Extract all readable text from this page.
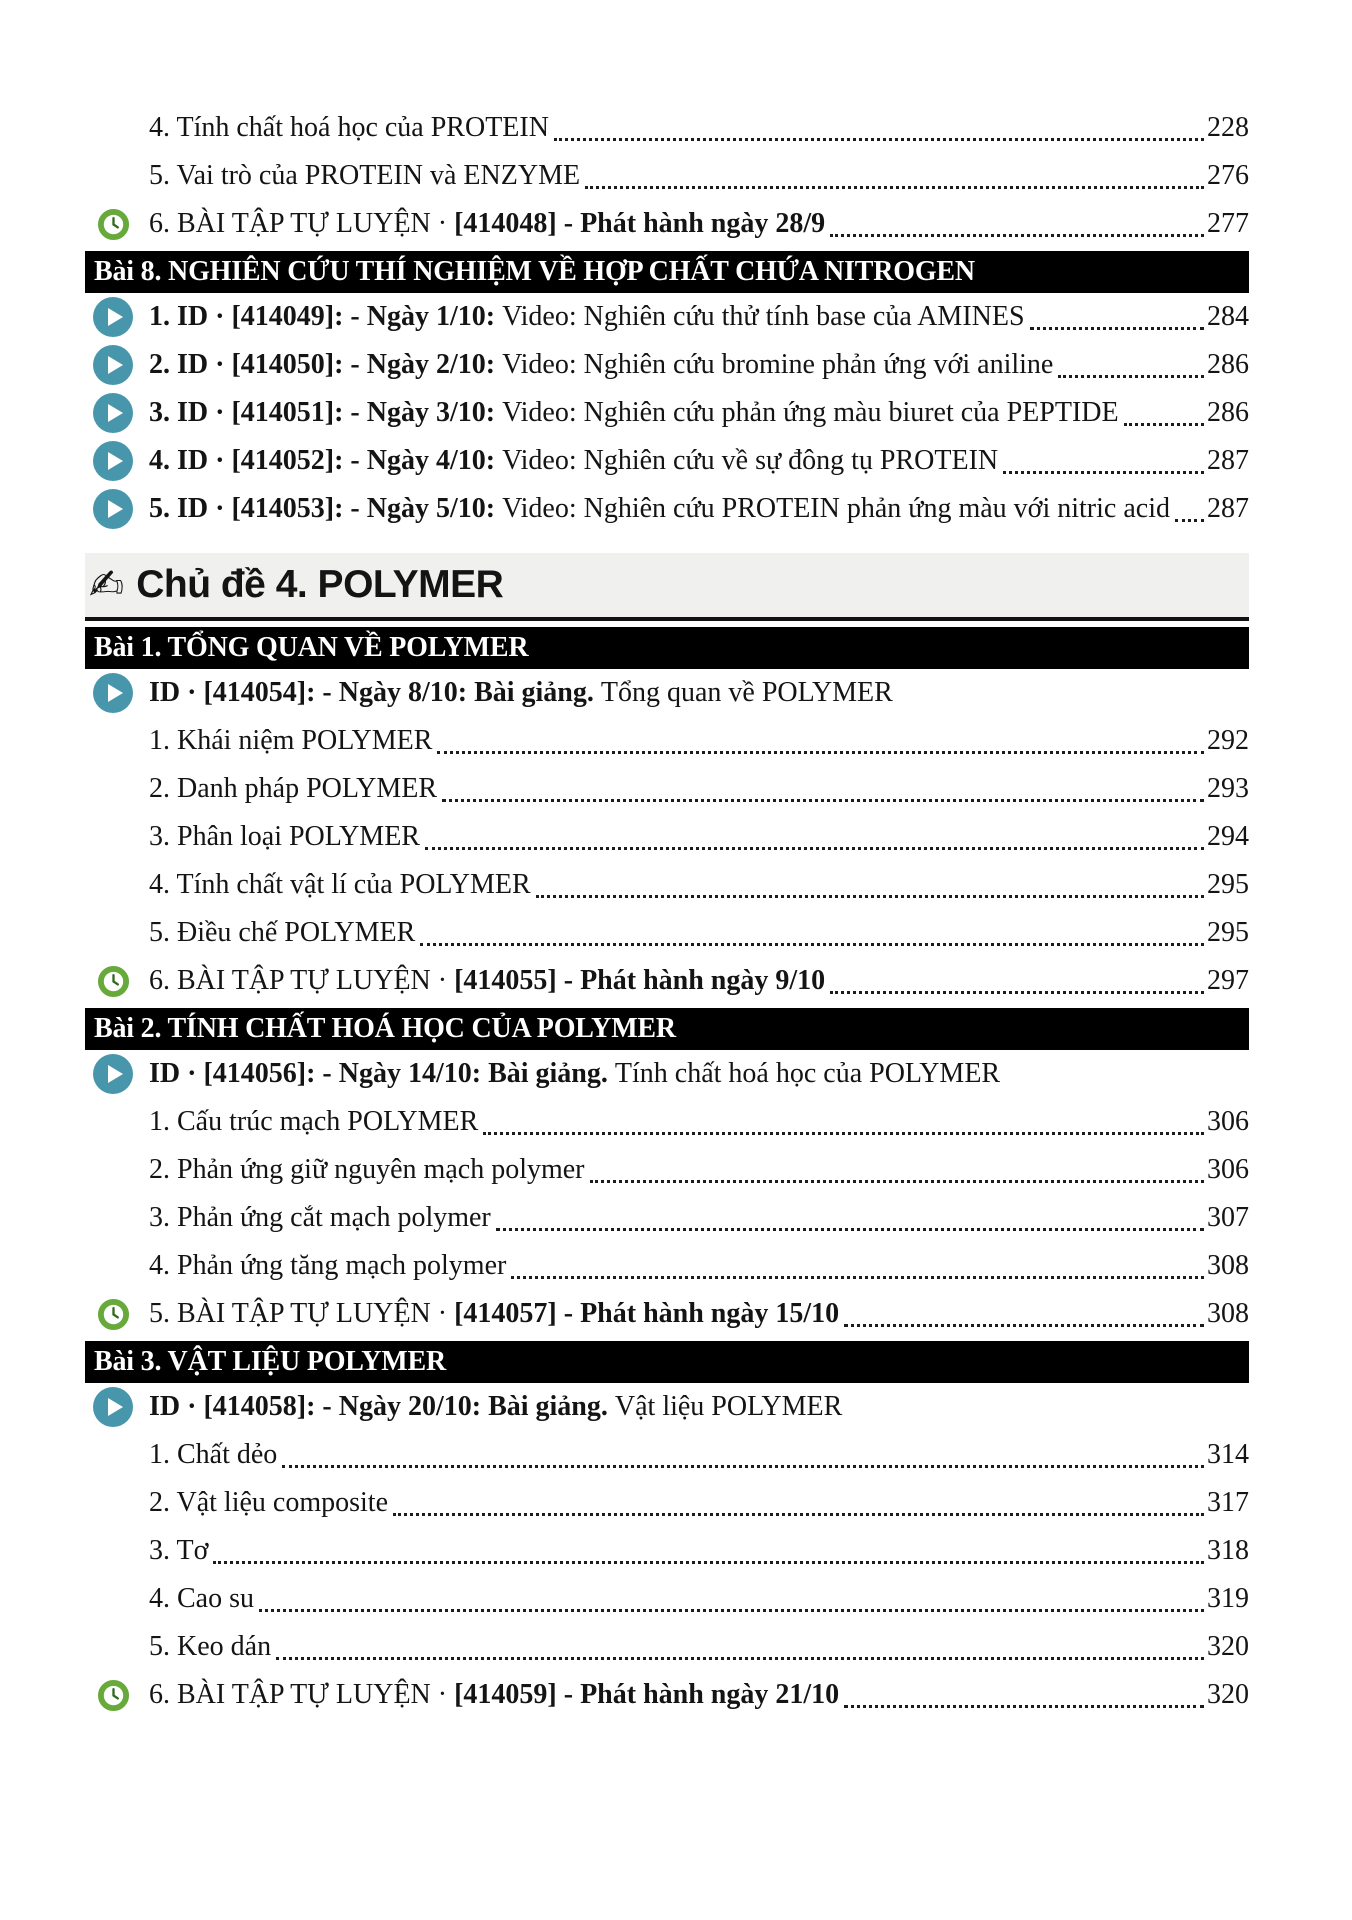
4. Tính chất hoá học của PROTEIN	228
5. Vai trò của PROTEIN và ENZYME	276
6. BÀI TẬP TỰ LUYỆN · [414048] - Phát hành ngày 28/9	277
Bài 8. NGHIÊN CỨU THÍ NGHIỆM VỀ HỢP CHẤT CHỨA NITROGEN
1. ID · [414049]: - Ngày 1/10: Video: Nghiên cứu thử tính base của AMINES	284
2. ID · [414050]: - Ngày 2/10: Video: Nghiên cứu bromine phản ứng với aniline	286
3. ID · [414051]: - Ngày 3/10: Video: Nghiên cứu phản ứng màu biuret của PEPTIDE	286
4. ID · [414052]: - Ngày 4/10: Video: Nghiên cứu về sự đông tụ PROTEIN	287
5. ID · [414053]: - Ngày 5/10: Video: Nghiên cứu PROTEIN phản ứng màu với nitric acid 287
✍ Chủ đề 4. POLYMER
Bài 1. TỔNG QUAN VỀ POLYMER
ID · [414054]: - Ngày 8/10: Bài giảng. Tổng quan về POLYMER
1. Khái niệm POLYMER	292
2. Danh pháp POLYMER	293
3. Phân loại POLYMER	294
4. Tính chất vật lí của POLYMER	295
5. Điều chế POLYMER	295
6. BÀI TẬP TỰ LUYỆN · [414055] - Phát hành ngày 9/10	297
Bài 2. TÍNH CHẤT HOÁ HỌC CỦA POLYMER
ID · [414056]: - Ngày 14/10: Bài giảng. Tính chất hoá học của POLYMER
1. Cấu trúc mạch POLYMER	306
2. Phản ứng giữ nguyên mạch polymer	306
3. Phản ứng cắt mạch polymer	307
4. Phản ứng tăng mạch polymer	308
5. BÀI TẬP TỰ LUYỆN · [414057] - Phát hành ngày 15/10	308
Bài 3. VẬT LIỆU POLYMER
ID · [414058]: - Ngày 20/10: Bài giảng. Vật liệu POLYMER
1. Chất dẻo	314
2. Vật liệu composite	317
3. Tơ	318
4. Cao su	319
5. Keo dán	320
6. BÀI TẬP TỰ LUYỆN · [414059] - Phát hành ngày 21/10	320
